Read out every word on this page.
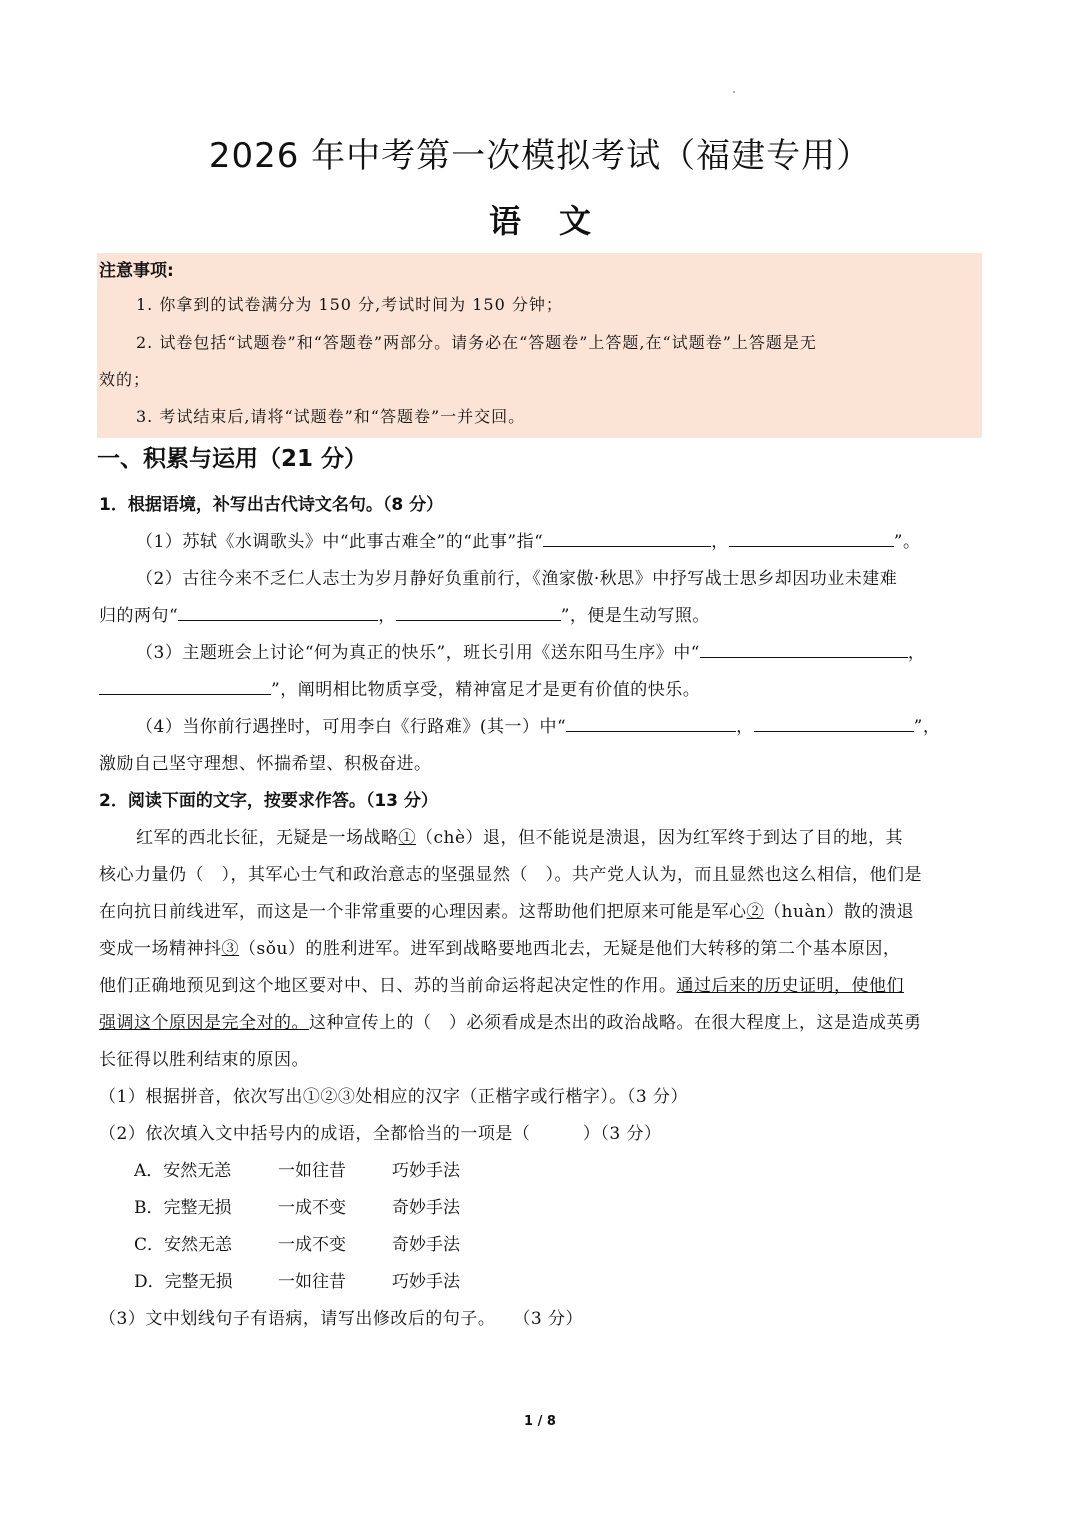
2026 年中考第一次模拟考试（福建专用）
语 文
注意事项:
1. 你拿到的试卷满分为 150 分,考试时间为 150 分钟；
2. 试卷包括“试题卷”和“答题卷”两部分。请务必在“答题卷”上答题,在“试题卷”上答题是无
效的；
3. 考试结束后,请将“试题卷”和“答题卷”一并交回。
一、积累与运用（21 分）
1．根据语境，补写出古代诗文名句。（8 分）
（1）苏轼《水调歌头》中“此事古难全”的“此事”指“	，	”。
（2）古往今来不乏仁人志士为岁月静好负重前行，《渔家傲·秋思》中抒写战士思乡却因功业未建难
归的两句“	，	”，便是生动写照。
（3）主题班会上讨论“何为真正的快乐”，班长引用《送东阳马生序》中“	，
”，阐明相比物质享受，精神富足才是更有价值的快乐。
（4）当你前行遇挫时，可用李白《行路难》(其一）中“	，	”，
激励自己坚守理想、怀揣希望、积极奋进。
2．阅读下面的文字，按要求作答。（13 分）
红军的西北长征，无疑是一场战略①（chè）退，但不能说是溃退，因为红军终于到达了目的地，其
核心力量仍（　），其军心士气和政治意志的坚强显然（　）。共产党人认为，而且显然也这么相信，他们是
在向抗日前线进军，而这是一个非常重要的心理因素。这帮助他们把原来可能是军心②（huàn）散的溃退
变成一场精神抖③（sǒu）的胜利进军。进军到战略要地西北去，无疑是他们大转移的第二个基本原因，
他们正确地预见到这个地区要对中、日、苏的当前命运将起决定性的作用。通过后来的历史证明，使他们
强调这个原因是完全对的。这种宣传上的（　）必须看成是杰出的政治战略。在很大程度上，这是造成英勇
长征得以胜利结束的原因。
（1）根据拼音，依次写出①②③处相应的汉字（正楷字或行楷字）。（3 分）
（2）依次填入文中括号内的成语，全都恰当的一项是（　　　）（3 分）
A．安然无恙	一如往昔	巧妙手法
B．完整无损	一成不变	奇妙手法
C．安然无恙	一成不变	奇妙手法
D．完整无损	一如往昔	巧妙手法
（3）文中划线句子有语病，请写出修改后的句子。　　（3 分）
1 / 8
